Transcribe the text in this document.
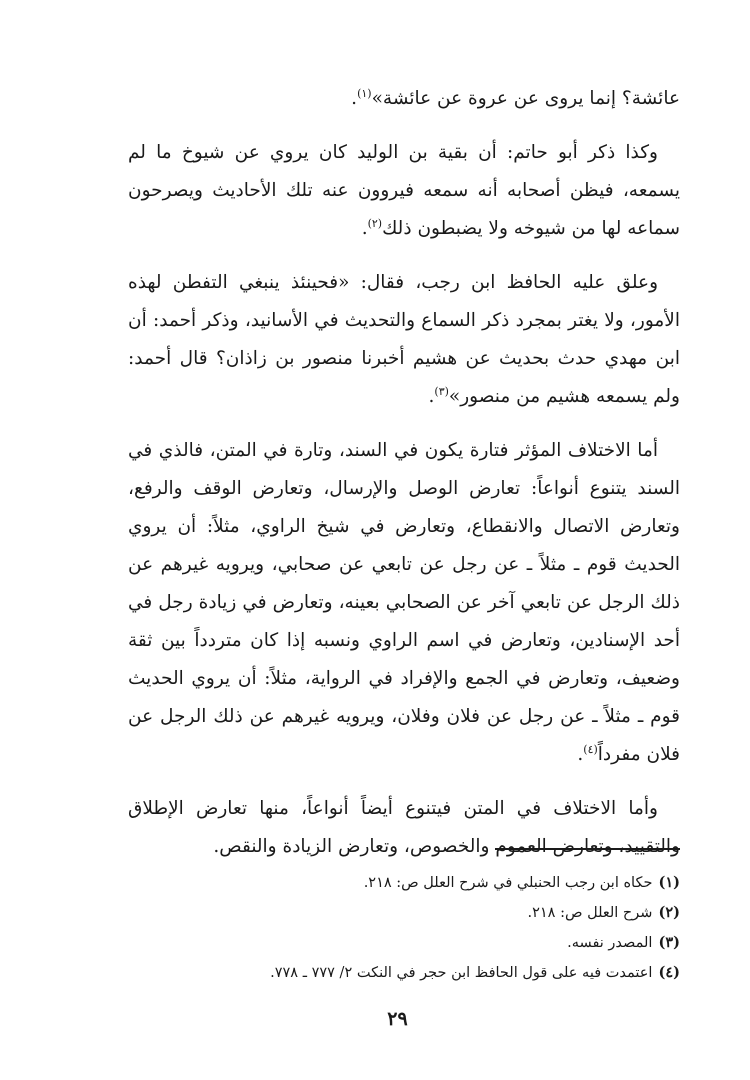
عائشة؟ إنما يروى عن عروة عن عائشة»$^{(١)}$.

وكذا ذكر أبو حاتم: أن بقية بن الوليد كان يروي عن شيوخ ما لم يسمعه، فيظن أصحابه أنه سمعه فيروون عنه تلك الأحاديث ويصرحون سماعه لها من شيوخه ولا يضبطون ذلك$^{(٢)}$.

وعلق عليه الحافظ ابن رجب، فقال: «فحينئذ ينبغي التفطن لهذه الأمور، ولا يغتر بمجرد ذكر السماع والتحديث في الأسانيد، وذكر أحمد: أن ابن مهدي حدث بحديث عن هشيم أخبرنا منصور بن زاذان؟ قال أحمد: ولم يسمعه هشيم من منصور»$^{(٣)}$.

أما الاختلاف المؤثر فتارة يكون في السند، وتارة في المتن، فالذي في السند يتنوع أنواعاً: تعارض الوصل والإرسال، وتعارض الوقف والرفع، وتعارض الاتصال والانقطاع، وتعارض في شيخ الراوي، مثلاً: أن يروي الحديث قوم ـ مثلاً ـ عن رجل عن تابعي عن صحابي، ويرويه غيرهم عن ذلك الرجل عن تابعي آخر عن الصحابي بعينه، وتعارض في زيادة رجل في أحد الإسنادين، وتعارض في اسم الراوي ونسبه إذا كان متردداً بين ثقة وضعيف، وتعارض في الجمع والإفراد في الرواية، مثلاً: أن يروي الحديث قوم ـ مثلاً ـ عن رجل عن فلان وفلان، ويرويه غيرهم عن ذلك الرجل عن فلان مفرداً$^{(٤)}$.

وأما الاختلاف في المتن فيتنوع أيضاً أنواعاً، منها تعارض الإطلاق والتقييد، وتعارض العموم والخصوص، وتعارض الزيادة والنقص.

(١)حكاه ابن رجب الحنبلي في شرح العلل ص: ٢١٨.
(٢)شرح العلل ص: ٢١٨.
(٣)المصدر نفسه.
(٤)اعتمدت فيه على قول الحافظ ابن حجر في النكت ٢/ ٧٧٧ ـ ٧٧٨.
٢٩
